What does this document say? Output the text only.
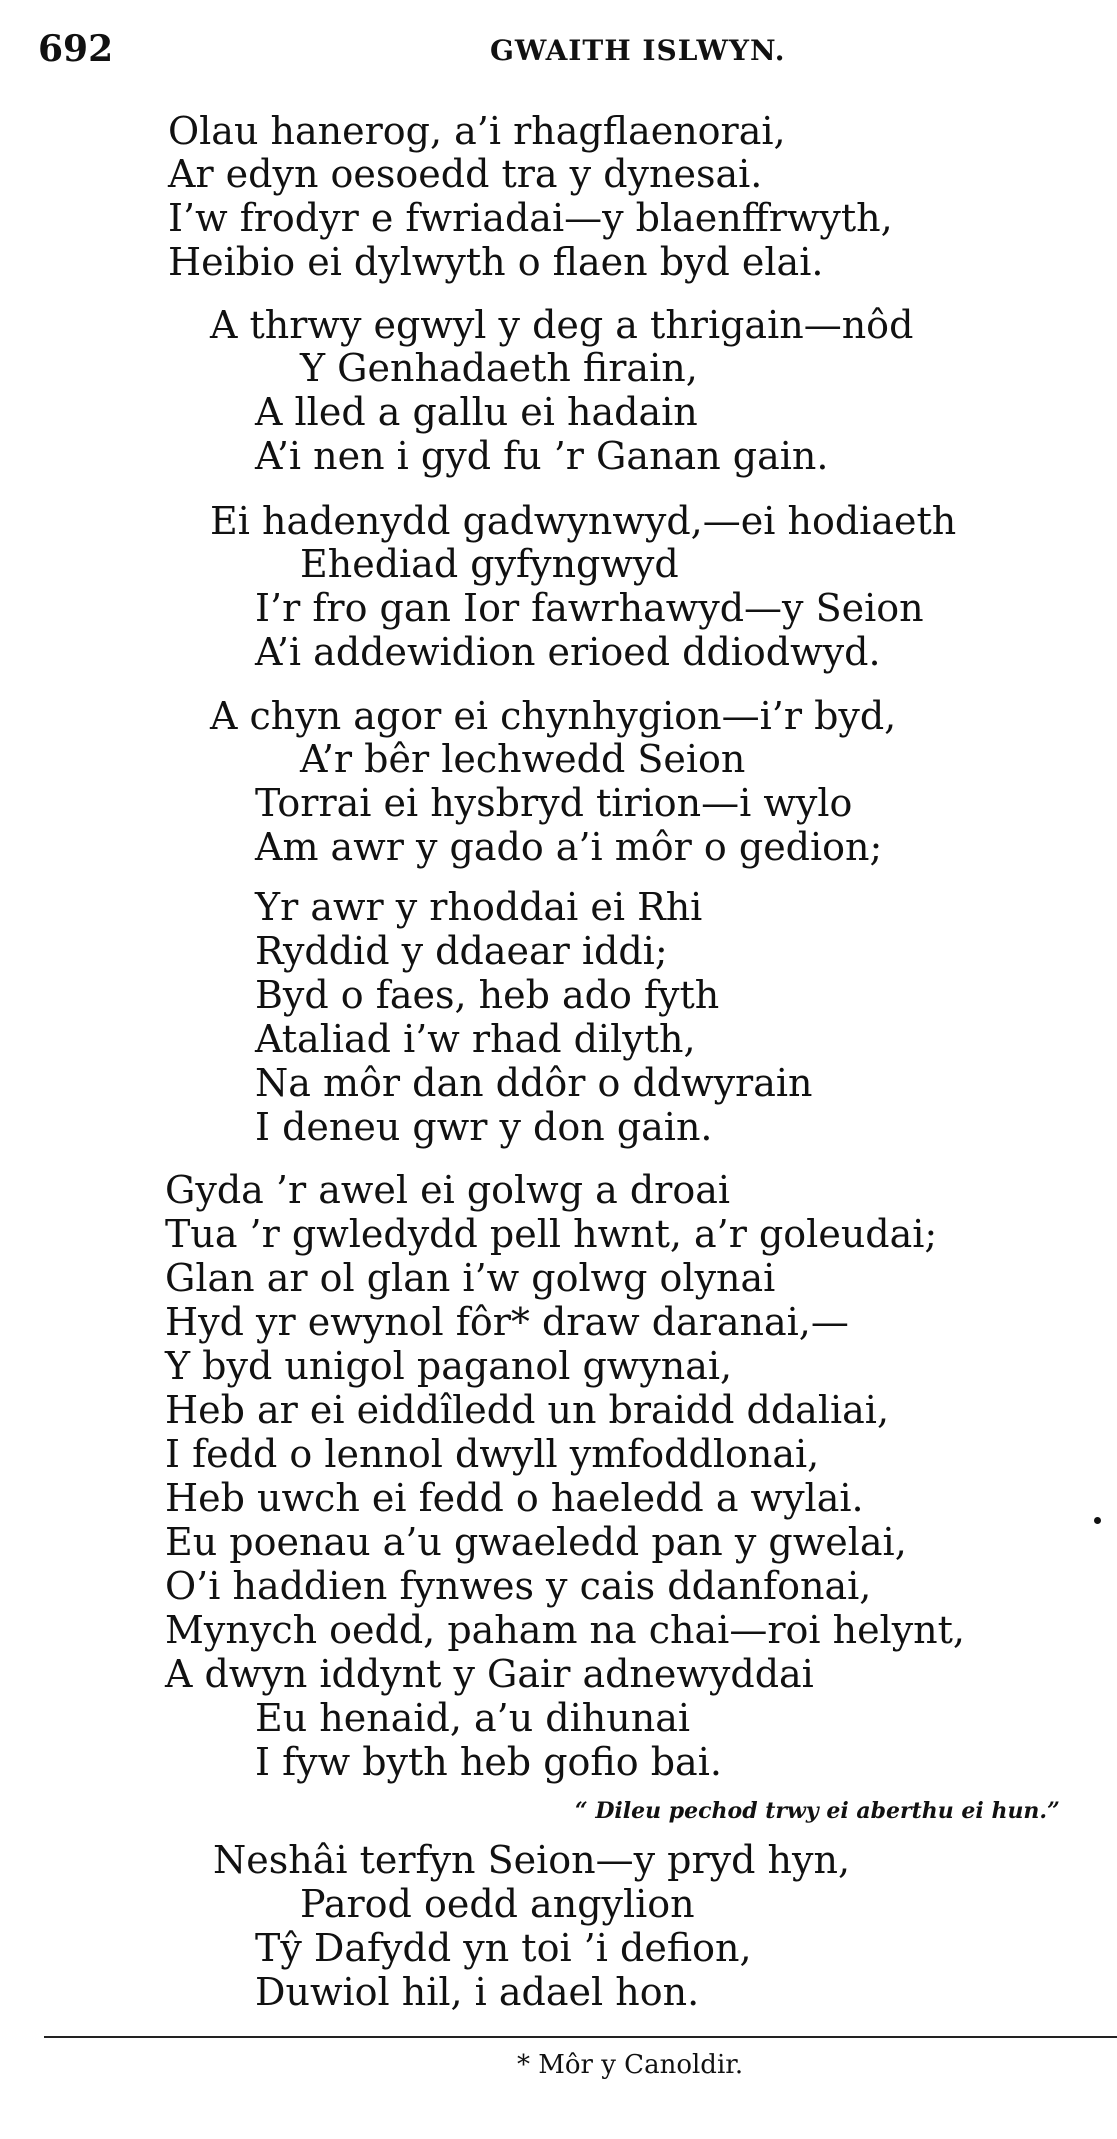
692	GWAITH ISLWYN.
Olau hanerog, a’i rhagflaenorai,
Ar edyn oesoedd tra y dynesai.
I’w frodyr e fwriadai—y blaenffrwyth,
Heibio ei dylwyth o flaen byd elai.
A thrwy egwyl y deg a thrigain—nôd
Y Genhadaeth firain,
A lled a gallu ei hadain
A’i nen i gyd fu ’r Ganan gain.
Ei hadenydd gadwynwyd,—ei hodiaeth
Ehediad gyfyngwyd
I’r fro gan Ior fawrhawyd—y Seion
A’i addewidion erioed ddiodwyd.
A chyn agor ei chynhygion—i’r byd,
A’r bêr lechwedd Seion
Torrai ei hysbryd tirion—i wylo
Am awr y gado a’i môr o gedion;
Yr awr y rhoddai ei Rhi
Ryddid y ddaear iddi;
Byd o faes, heb ado fyth
Ataliad i’w rhad dilyth,
Na môr dan ddôr o ddwyrain
I deneu gwr y don gain.
Gyda ’r awel ei golwg a droai
Tua ’r gwledydd pell hwnt, a’r goleudai;
Glan ar ol glan i’w golwg olynai
Hyd yr ewynol fôr* draw daranai,—
Y byd unigol paganol gwynai,
Heb ar ei eiddîledd un braidd ddaliai,
I fedd o lennol dwyll ymfoddlonai,
Heb uwch ei fedd o haeledd a wylai.
Eu poenau a’u gwaeledd pan y gwelai,
O’i haddien fynwes y cais ddanfonai,
Mynych oedd, paham na chai—roi helynt,
A dwyn iddynt y Gair adnewyddai
Eu henaid, a’u dihunai
I fyw byth heb gofio bai.
“ Dileu pechod trwy ei aberthu ei hun.”
Neshâi terfyn Seion—y pryd hyn,
Parod oedd angylion
Tŷ Dafydd yn toi ’i defion,
Duwiol hil, i adael hon.
* Môr y Canoldir.
